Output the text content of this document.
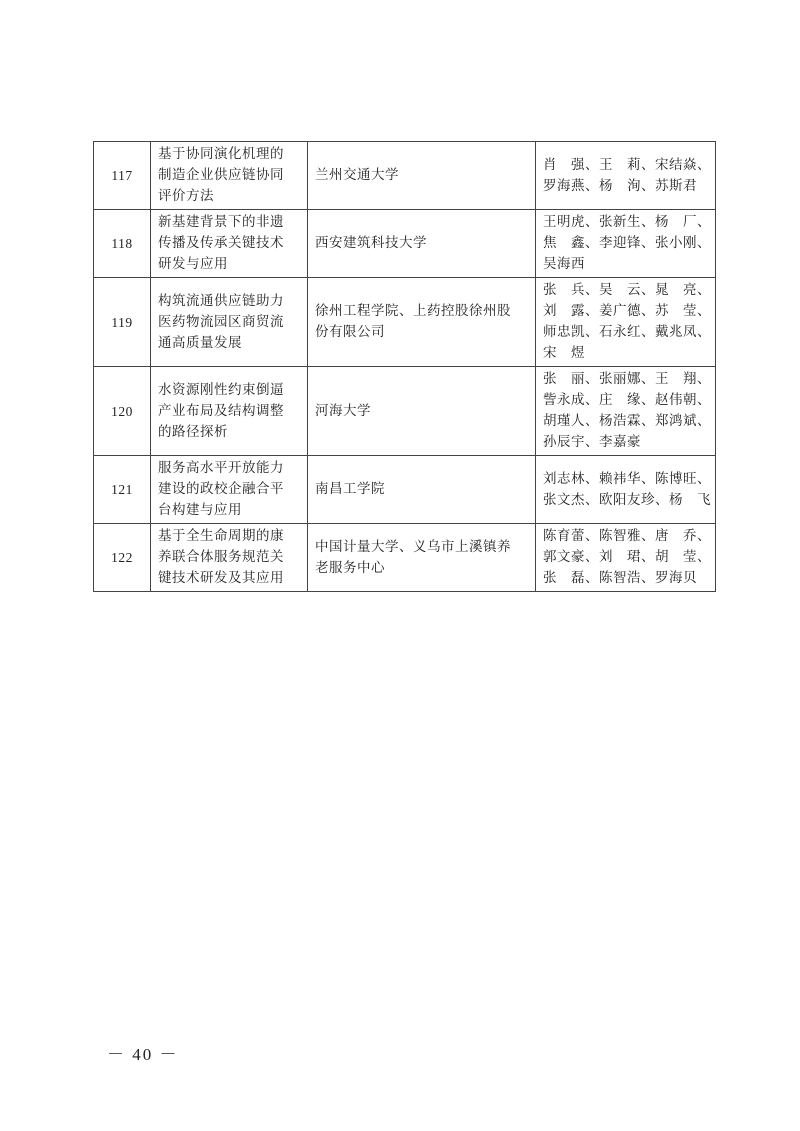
117	基于协同演化机理的
制造企业供应链协同
评价方法	兰州交通大学	肖　强、王　莉、宋结焱、
罗海燕、杨　洵、苏斯君

118	新基建背景下的非遗
传播及传承关键技术
研发与应用	西安建筑科技大学	王明虎、张新生、杨　厂、
焦　鑫、李迎锋、张小刚、
吴海西

119	构筑流通供应链助力
医药物流园区商贸流
通高质量发展	徐州工程学院、上药控股徐州股
份有限公司	张　兵、吴　云、晁　亮、
刘　露、姜广德、苏　莹、
师忠凯、石永红、戴兆凤、
宋　煜

120	水资源刚性约束倒逼
产业布局及结构调整
的路径探析	河海大学	张　丽、张丽娜、王　翔、
訾永成、庄　缘、赵伟朝、
胡瑾人、杨浩霖、郑鸿斌、
孙辰宇、李嘉豪

121	服务高水平开放能力
建设的政校企融合平
台构建与应用	南昌工学院	刘志林、赖祎华、陈博旺、
张文杰、欧阳友珍、杨　飞

122	基于全生命周期的康
养联合体服务规范关
键技术研发及其应用	中国计量大学、义乌市上溪镇养
老服务中心	陈育蕾、陈智雅、唐　乔、
郭文豪、刘　珺、胡　莹、
张　磊、陈智浩、罗海贝
－ 40 －
